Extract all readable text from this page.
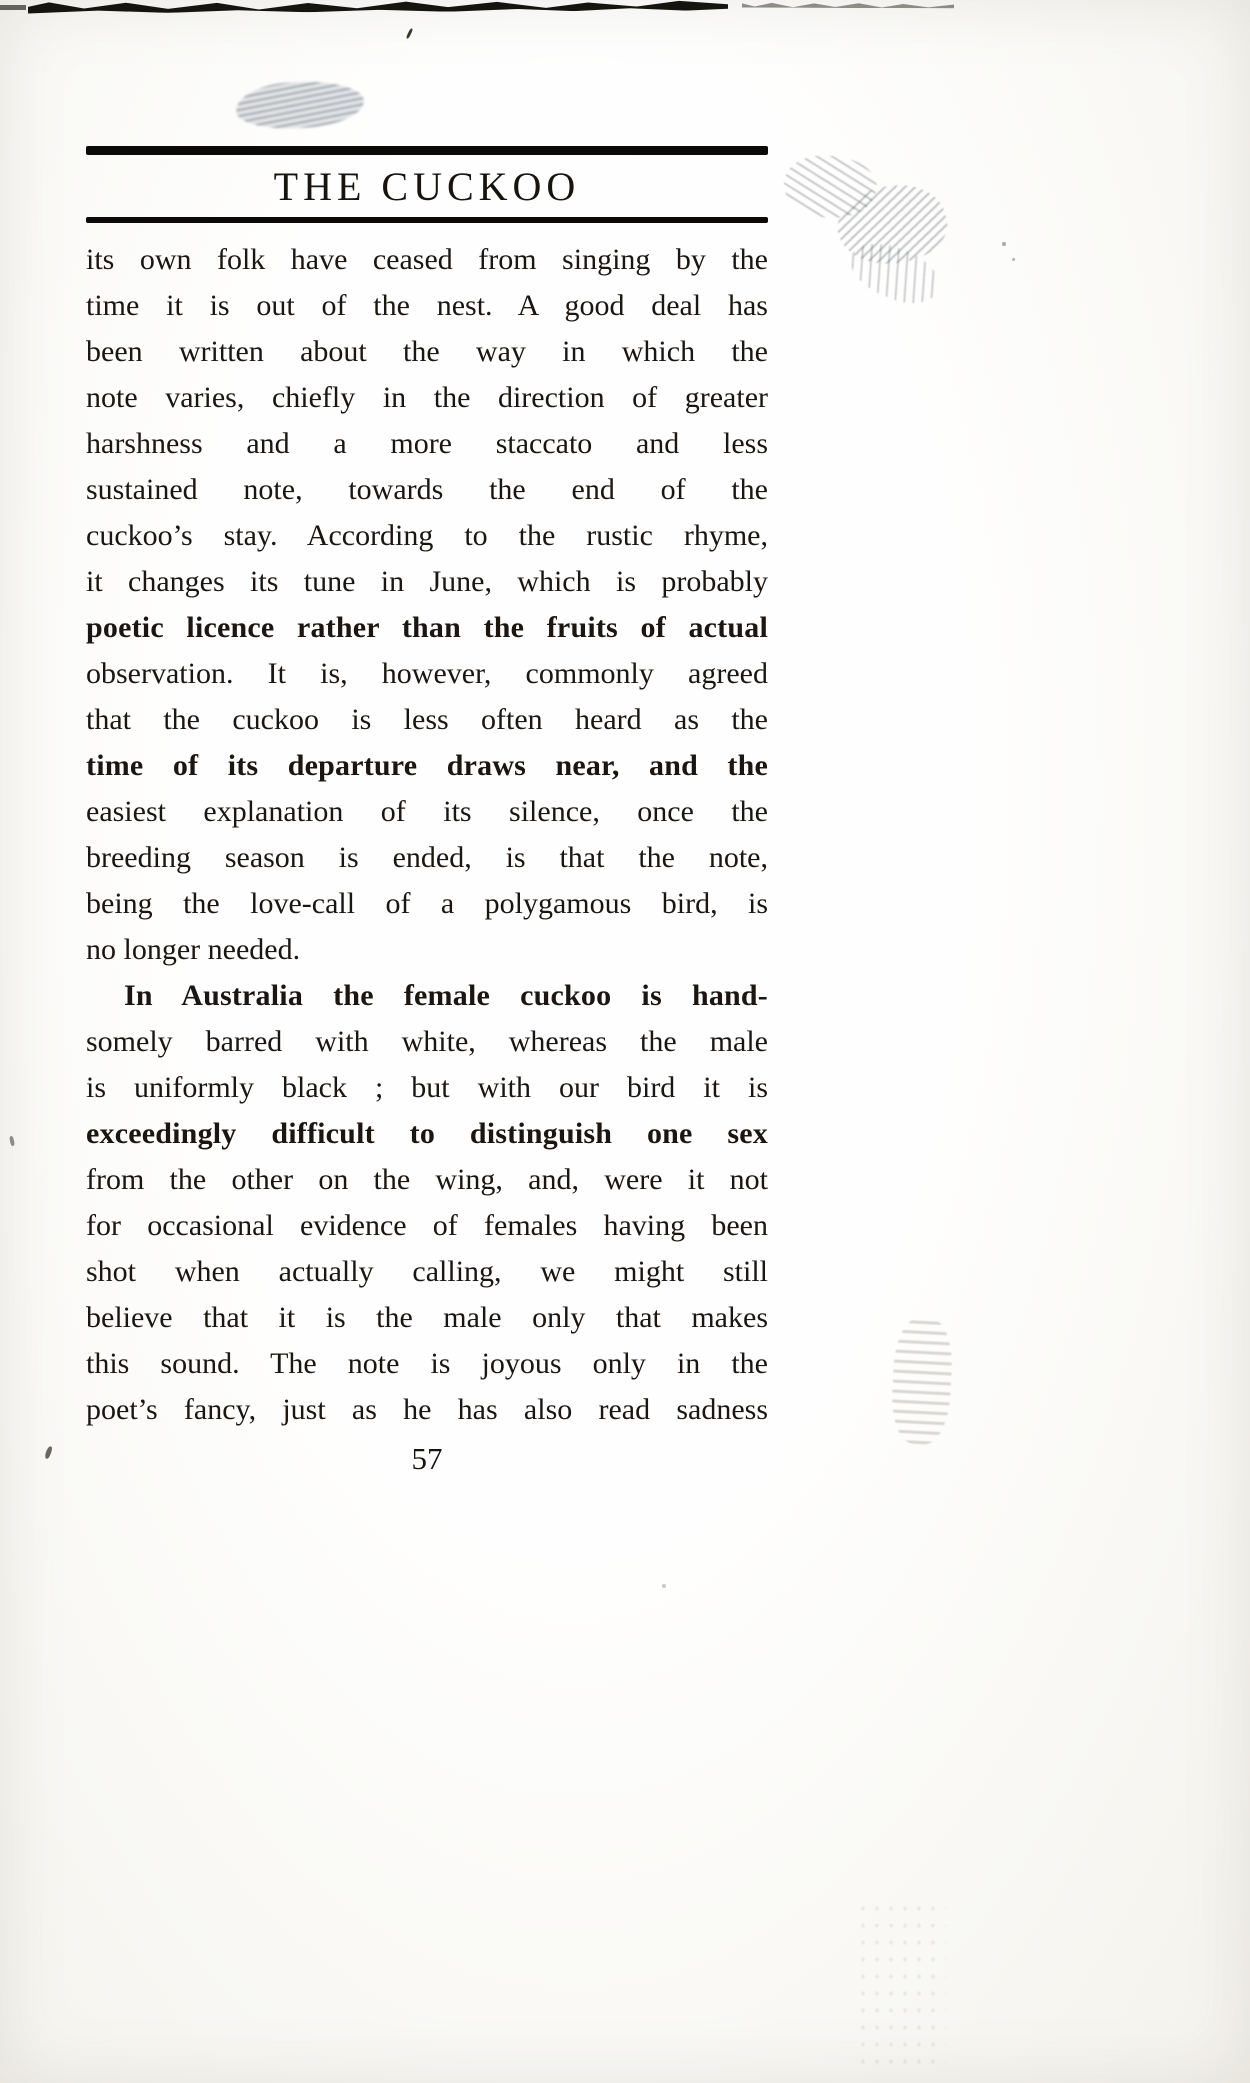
THE CUCKOO
its own folk have ceased from singing by the
time it is out of the nest. A good deal has
been written about the way in which the
note varies, chiefly in the direction of greater
harshness and a more staccato and less
sustained note, towards the end of the
cuckoo’s stay. According to the rustic rhyme,
it changes its tune in June, which is probably
poetic licence rather than the fruits of actual
observation. It is, however, commonly agreed
that the cuckoo is less often heard as the
time of its departure draws near, and the
easiest explanation of its silence, once the
breeding season is ended, is that the note,
being the love-call of a polygamous bird, is
no longer needed.
In Australia the female cuckoo is hand-
somely barred with white, whereas the male
is uniformly black ; but with our bird it is
exceedingly difficult to distinguish one sex
from the other on the wing, and, were it not
for occasional evidence of females having been
shot when actually calling, we might still
believe that it is the male only that makes
this sound. The note is joyous only in the
poet’s fancy, just as he has also read sadness
57
